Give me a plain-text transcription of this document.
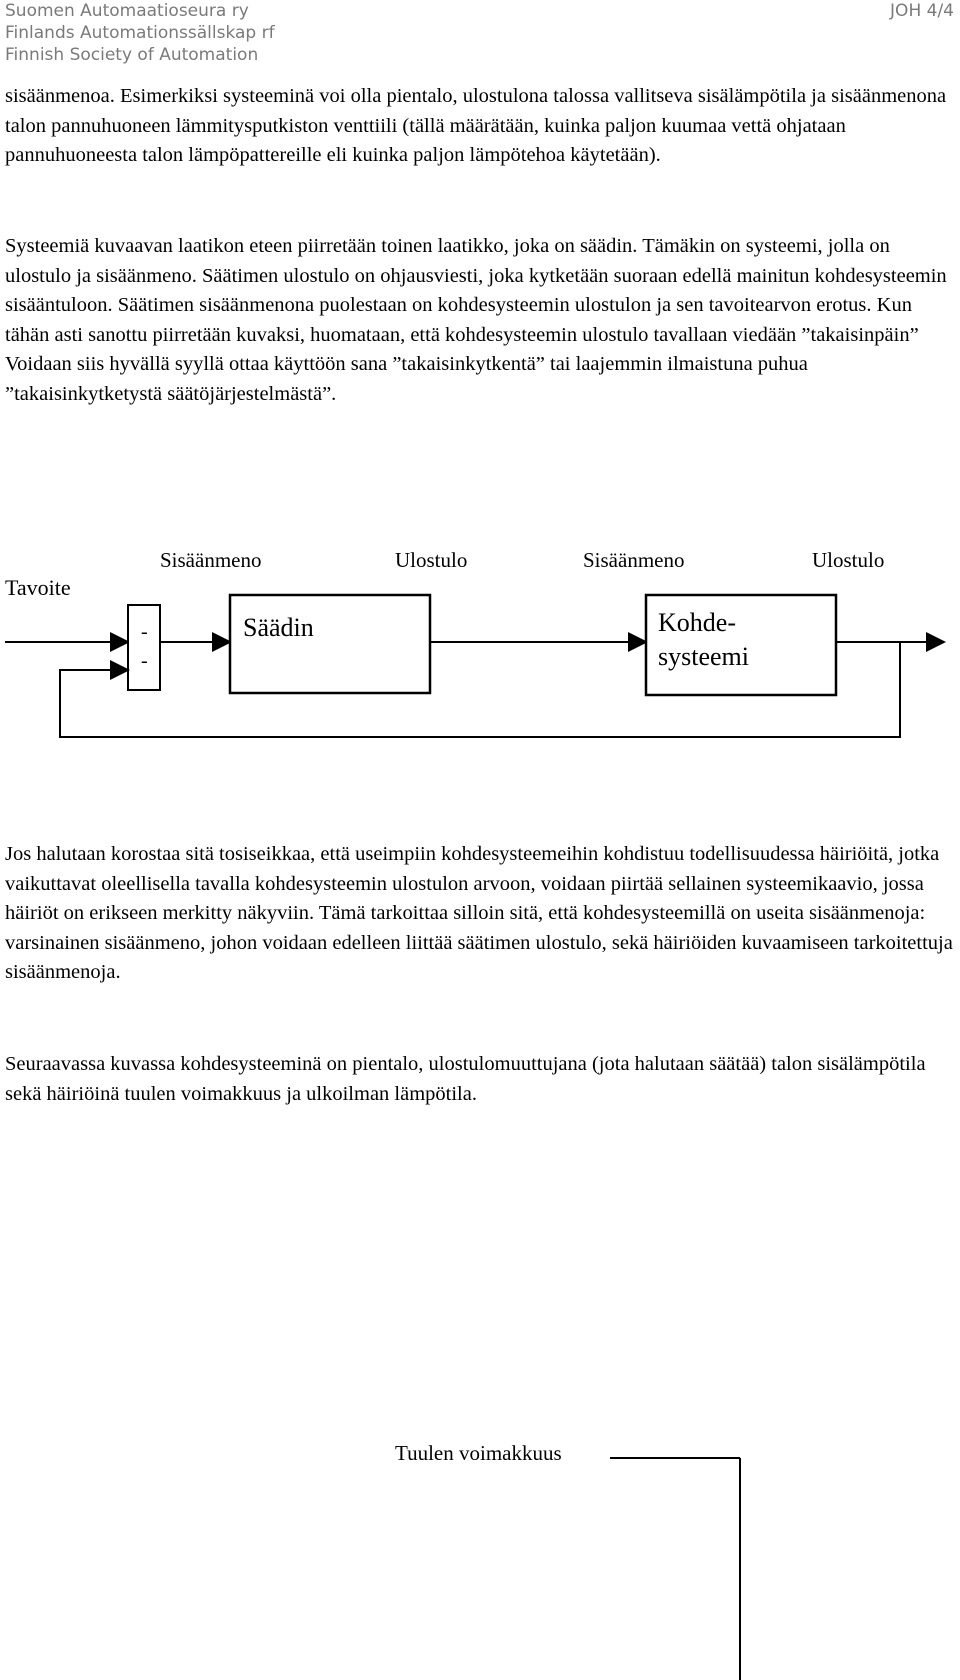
Suomen Automaatioseura ry
Finlands Automationssällskap rf
Finnish Society of Automation
JOH 4/4

sisäänmenoa. Esimerkiksi systeeminä voi olla pientalo, ulostulona talossa vallitseva sisälämpötila ja sisäänmenona talon pannuhuoneen lämmitysputkiston venttiili (tällä määrätään, kuinka paljon kuumaa vettä ohjataan pannuhuoneesta talon lämpöpattereille eli kuinka paljon lämpötehoa käytetään).

Systeemiä kuvaavan laatikon eteen piirretään toinen laatikko, joka on säädin. Tämäkin on systeemi, jolla on ulostulo ja sisäänmeno. Säätimen ulostulo on ohjausviesti, joka kytketään suoraan edellä mainitun kohdesysteemin sisääntuloon. Säätimen sisäänmenona puolestaan on kohdesysteemin ulostulon ja sen tavoitearvon erotus. Kun tähän asti sanottu piirretään kuvaksi, huomataan, että kohdesysteemin ulostulo tavallaan viedään ”takaisinpäin” Voidaan siis hyvällä syyllä ottaa käyttöön sana ”takaisinkytkentä” tai laajemmin ilmaistuna puhua ”takaisinkytketystä säätöjärjestelmästä”.

Tavoite
Sisäänmeno	Ulostulo	Sisäänmeno	Ulostulo
-
-
Säädin	Kohde-
systeemi

Jos halutaan korostaa sitä tosiseikkaa, että useimpiin kohdesysteemeihin kohdistuu todellisuudessa häiriöitä, jotka vaikuttavat oleellisella tavalla kohdesysteemin ulostulon arvoon, voidaan piirtää sellainen systeemikaavio, jossa häiriöt on erikseen merkitty näkyviin. Tämä tarkoittaa silloin sitä, että kohdesysteemillä on useita sisäänmenoja: varsinainen sisäänmeno, johon voidaan edelleen liittää säätimen ulostulo, sekä häiriöiden kuvaamiseen tarkoitettuja sisäänmenoja.

Seuraavassa kuvassa kohdesysteeminä on pientalo, ulostulomuuttujana (jota halutaan säätää) talon sisälämpötila sekä häiriöinä tuulen voimakkuus ja ulkoilman lämpötila.

Tuulen voimakkuus
